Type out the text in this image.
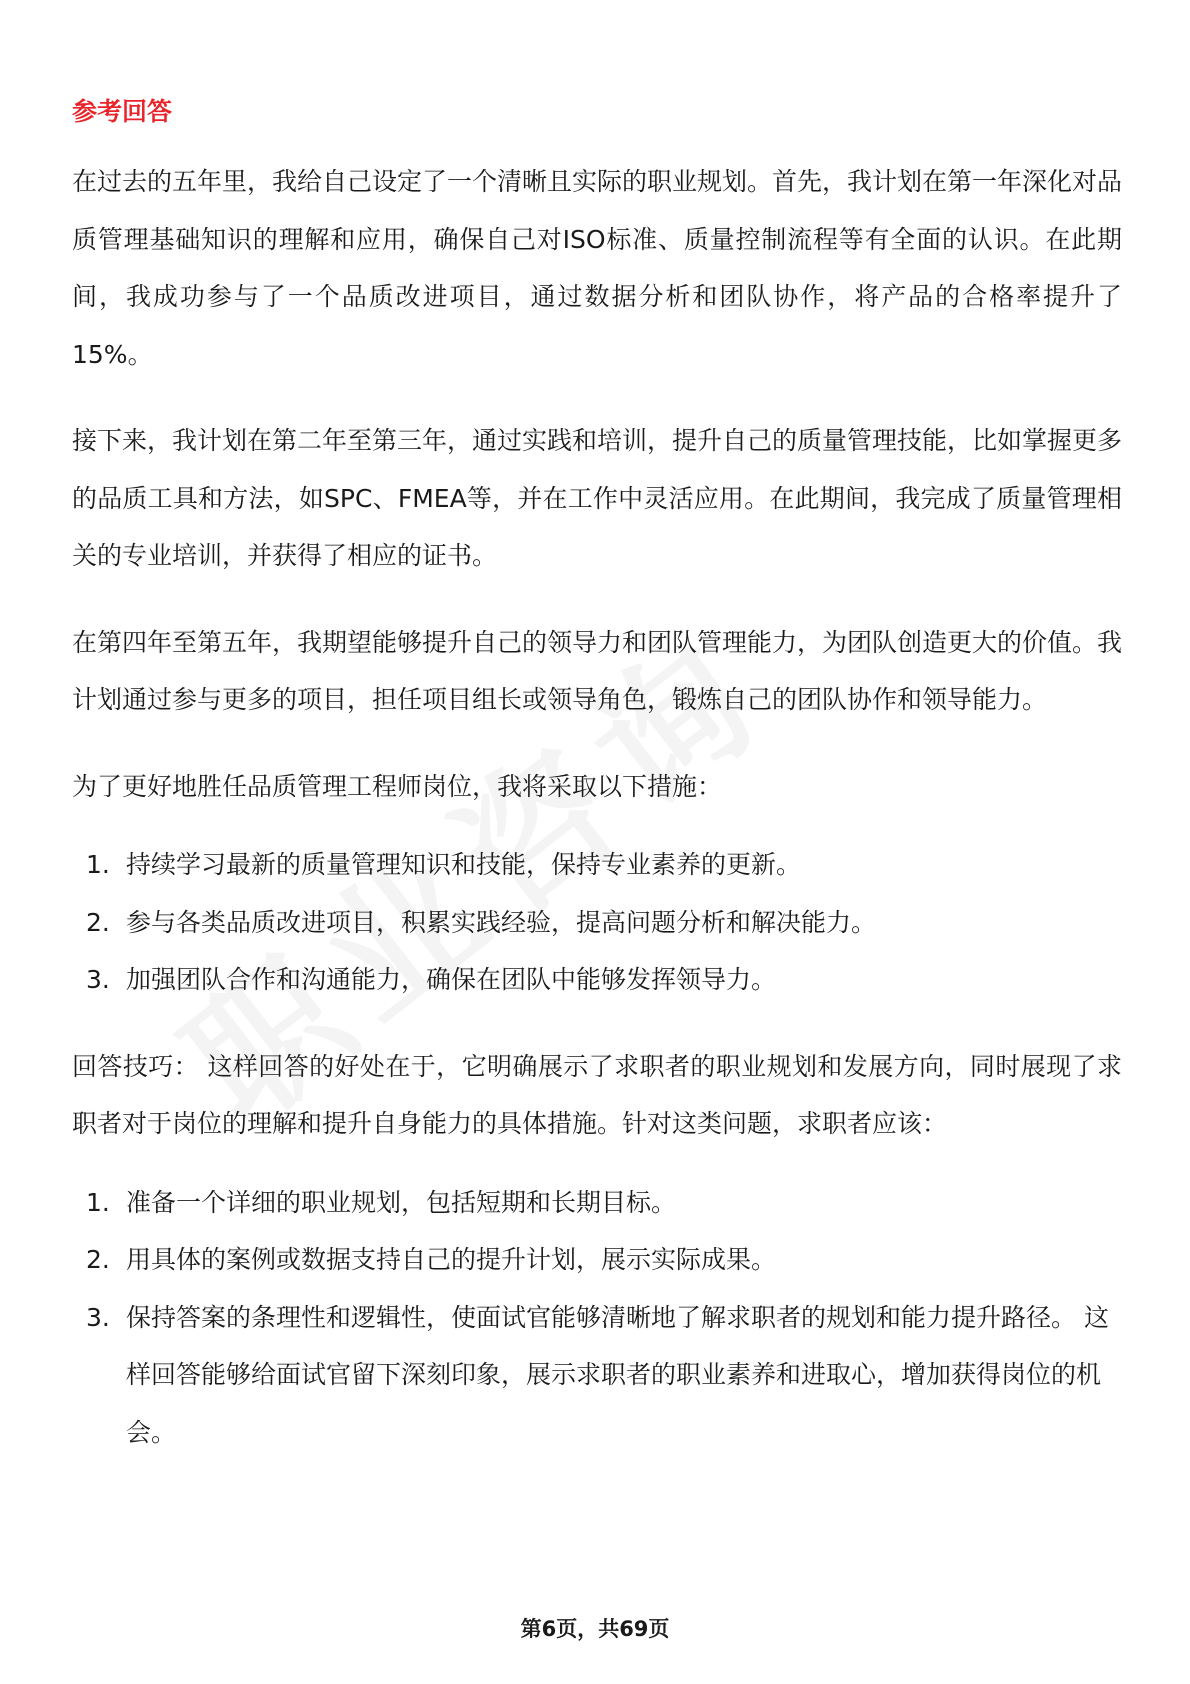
参考回答

在过去的五年里，我给自己设定了一个清晰且实际的职业规划。首先，我计划在第一年深化对品质管理基础知识的理解和应用，确保自己对ISO标准、质量控制流程等有全面的认识。在此期间，我成功参与了一个品质改进项目，通过数据分析和团队协作，将产品的合格率提升了15%。

接下来，我计划在第二年至第三年，通过实践和培训，提升自己的质量管理技能，比如掌握更多的品质工具和方法，如SPC、FMEA等，并在工作中灵活应用。在此期间，我完成了质量管理相关的专业培训，并获得了相应的证书。

在第四年至第五年，我期望能够提升自己的领导力和团队管理能力，为团队创造更大的价值。我计划通过参与更多的项目，担任项目组长或领导角色，锻炼自己的团队协作和领导能力。

为了更好地胜任品质管理工程师岗位，我将采取以下措施：

1. 持续学习最新的质量管理知识和技能，保持专业素养的更新。
2. 参与各类品质改进项目，积累实践经验，提高问题分析和解决能力。
3. 加强团队合作和沟通能力，确保在团队中能够发挥领导力。

回答技巧： 这样回答的好处在于，它明确展示了求职者的职业规划和发展方向，同时展现了求职者对于岗位的理解和提升自身能力的具体措施。针对这类问题，求职者应该：

1. 准备一个详细的职业规划，包括短期和长期目标。
2. 用具体的案例或数据支持自己的提升计划，展示实际成果。
3. 保持答案的条理性和逻辑性，使面试官能够清晰地了解求职者的规划和能力提升路径。 这样回答能够给面试官留下深刻印象，展示求职者的职业素养和进取心，增加获得岗位的机会。
第6页，共69页
